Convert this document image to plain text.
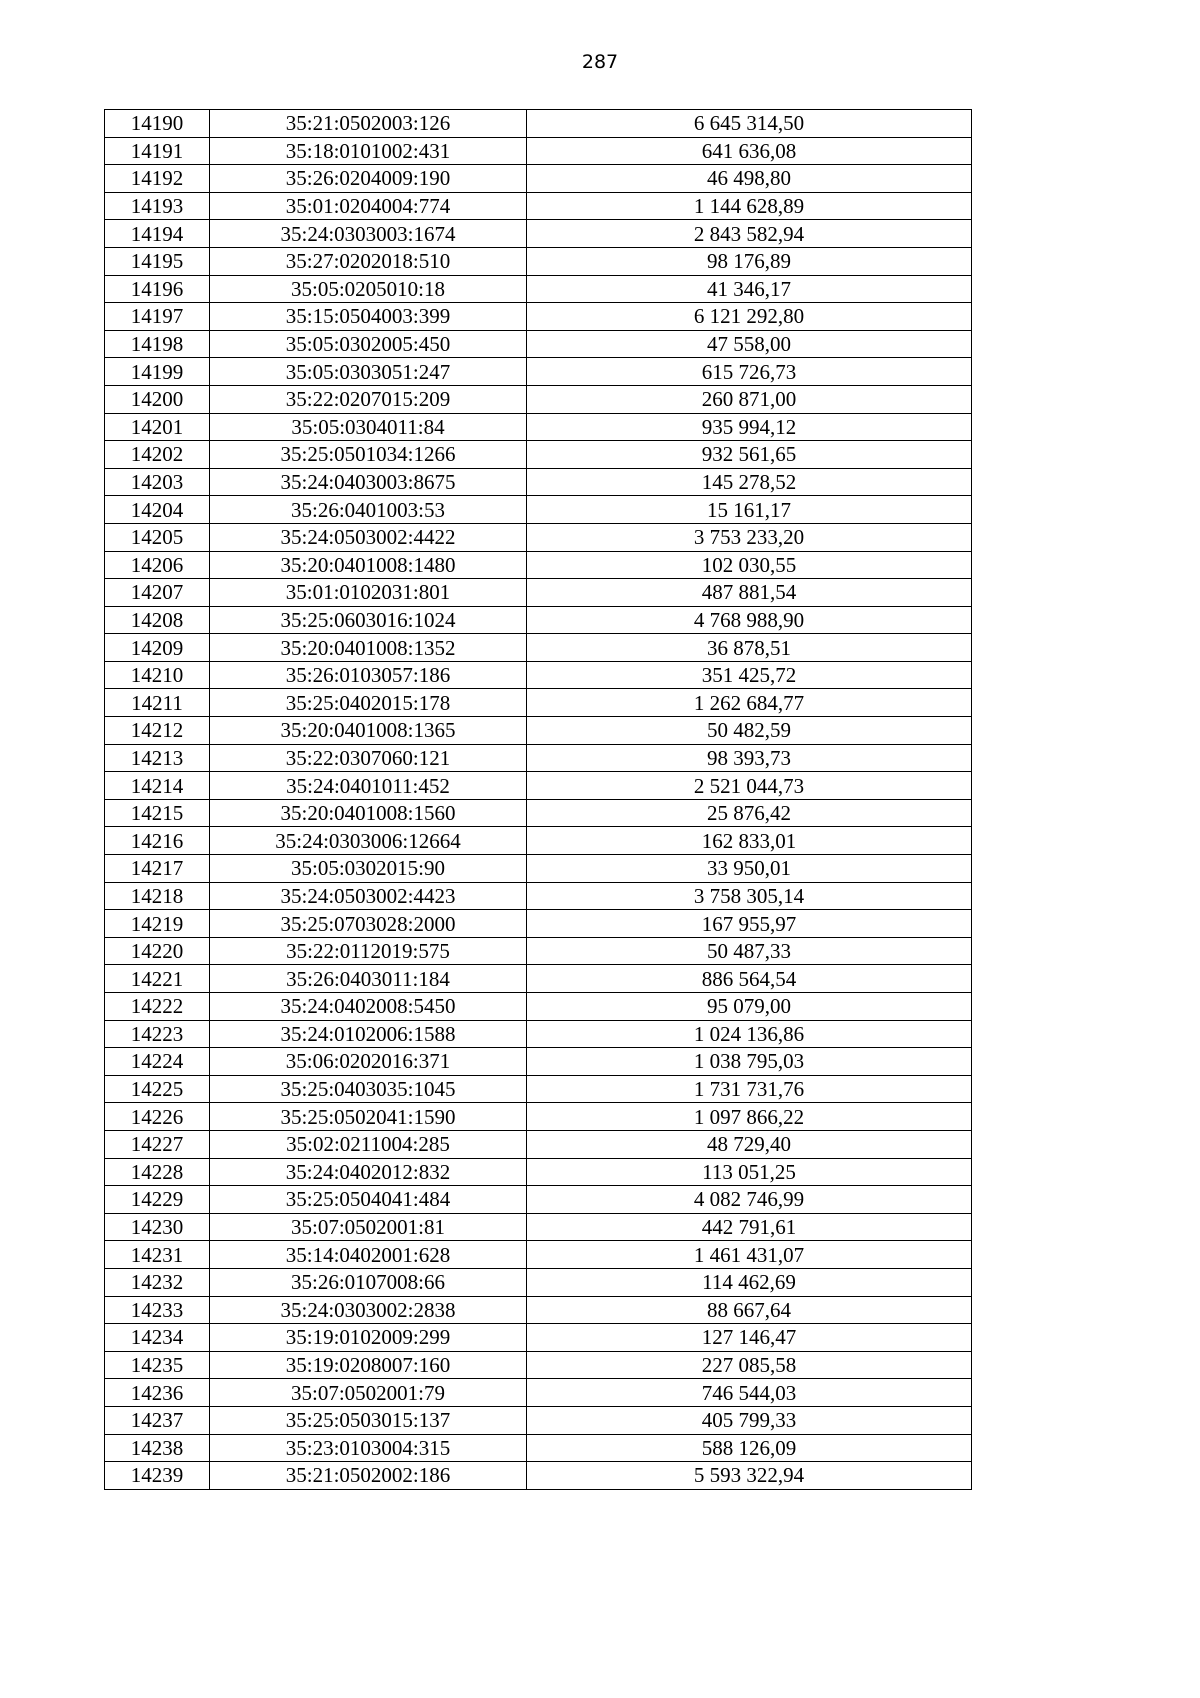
287
14190	35:21:0502003:126	6 645 314,50
14191	35:18:0101002:431	641 636,08
14192	35:26:0204009:190	46 498,80
14193	35:01:0204004:774	1 144 628,89
14194	35:24:0303003:1674	2 843 582,94
14195	35:27:0202018:510	98 176,89
14196	35:05:0205010:18	41 346,17
14197	35:15:0504003:399	6 121 292,80
14198	35:05:0302005:450	47 558,00
14199	35:05:0303051:247	615 726,73
14200	35:22:0207015:209	260 871,00
14201	35:05:0304011:84	935 994,12
14202	35:25:0501034:1266	932 561,65
14203	35:24:0403003:8675	145 278,52
14204	35:26:0401003:53	15 161,17
14205	35:24:0503002:4422	3 753 233,20
14206	35:20:0401008:1480	102 030,55
14207	35:01:0102031:801	487 881,54
14208	35:25:0603016:1024	4 768 988,90
14209	35:20:0401008:1352	36 878,51
14210	35:26:0103057:186	351 425,72
14211	35:25:0402015:178	1 262 684,77
14212	35:20:0401008:1365	50 482,59
14213	35:22:0307060:121	98 393,73
14214	35:24:0401011:452	2 521 044,73
14215	35:20:0401008:1560	25 876,42
14216	35:24:0303006:12664	162 833,01
14217	35:05:0302015:90	33 950,01
14218	35:24:0503002:4423	3 758 305,14
14219	35:25:0703028:2000	167 955,97
14220	35:22:0112019:575	50 487,33
14221	35:26:0403011:184	886 564,54
14222	35:24:0402008:5450	95 079,00
14223	35:24:0102006:1588	1 024 136,86
14224	35:06:0202016:371	1 038 795,03
14225	35:25:0403035:1045	1 731 731,76
14226	35:25:0502041:1590	1 097 866,22
14227	35:02:0211004:285	48 729,40
14228	35:24:0402012:832	113 051,25
14229	35:25:0504041:484	4 082 746,99
14230	35:07:0502001:81	442 791,61
14231	35:14:0402001:628	1 461 431,07
14232	35:26:0107008:66	114 462,69
14233	35:24:0303002:2838	88 667,64
14234	35:19:0102009:299	127 146,47
14235	35:19:0208007:160	227 085,58
14236	35:07:0502001:79	746 544,03
14237	35:25:0503015:137	405 799,33
14238	35:23:0103004:315	588 126,09
14239	35:21:0502002:186	5 593 322,94
